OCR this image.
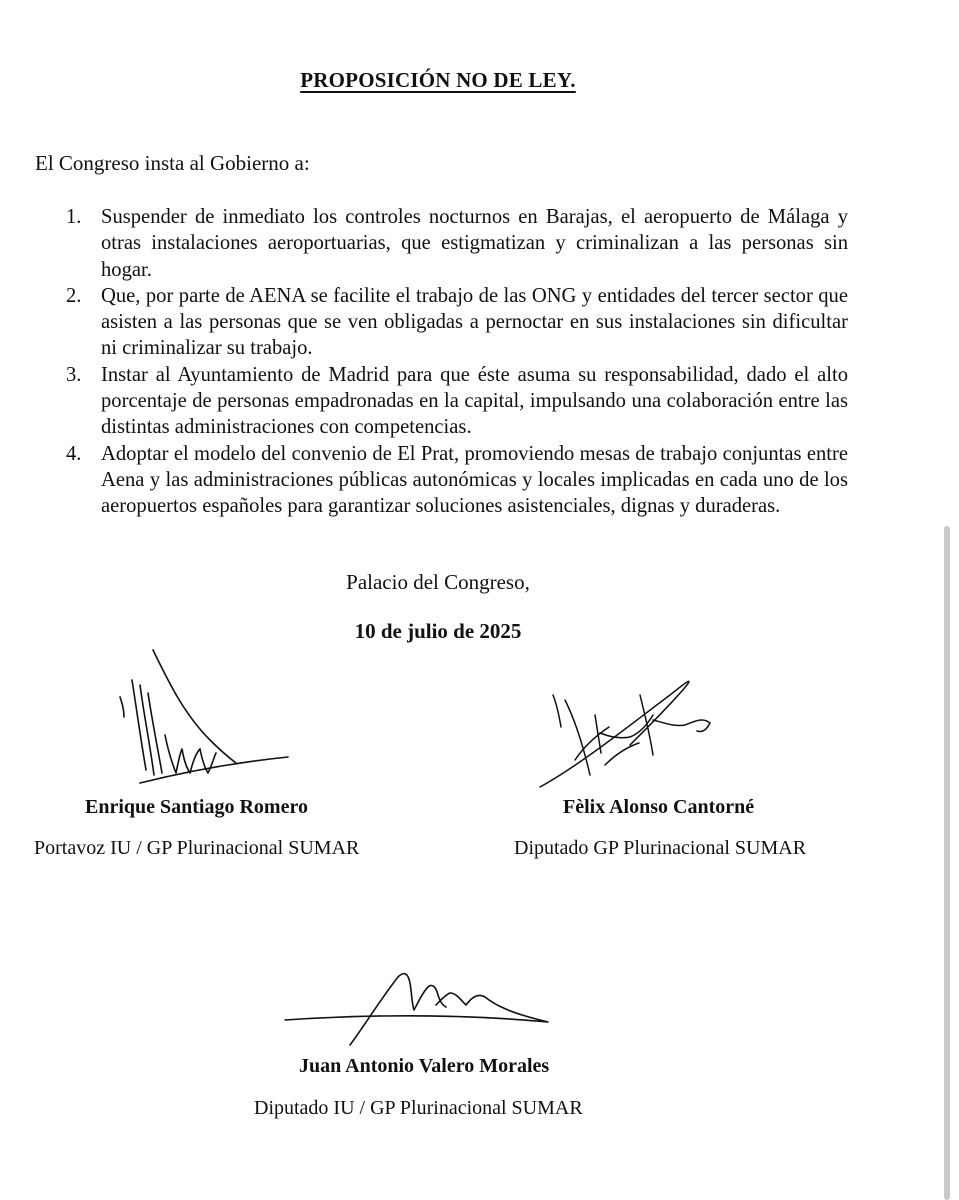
PROPOSICIÓN NO DE LEY.
El Congreso insta al Gobierno a:
1. Suspender de inmediato los controles nocturnos en Barajas, el aeropuerto de Málaga y otras instalaciones aeroportuarias, que estigmatizan y criminalizan a las personas sin hogar.
2. Que, por parte de AENA se facilite el trabajo de las ONG y entidades del tercer sector que asisten a las personas que se ven obligadas a pernoctar en sus instalaciones sin dificultar ni criminalizar su trabajo.
3. Instar al Ayuntamiento de Madrid para que éste asuma su responsabilidad, dado el alto porcentaje de personas empadronadas en la capital, impulsando una colaboración entre las distintas administraciones con competencias.
4. Adoptar el modelo del convenio de El Prat, promoviendo mesas de trabajo conjuntas entre Aena y las administraciones públicas autonómicas y locales implicadas en cada uno de los aeropuertos españoles para garantizar soluciones asistenciales, dignas y duraderas.
Palacio del Congreso,
10 de julio de 2025
Enrique Santiago Romero
Portavoz IU / GP Plurinacional SUMAR
Fèlix Alonso Cantorné
Diputado GP Plurinacional SUMAR
Juan Antonio Valero Morales
Diputado IU / GP Plurinacional SUMAR
